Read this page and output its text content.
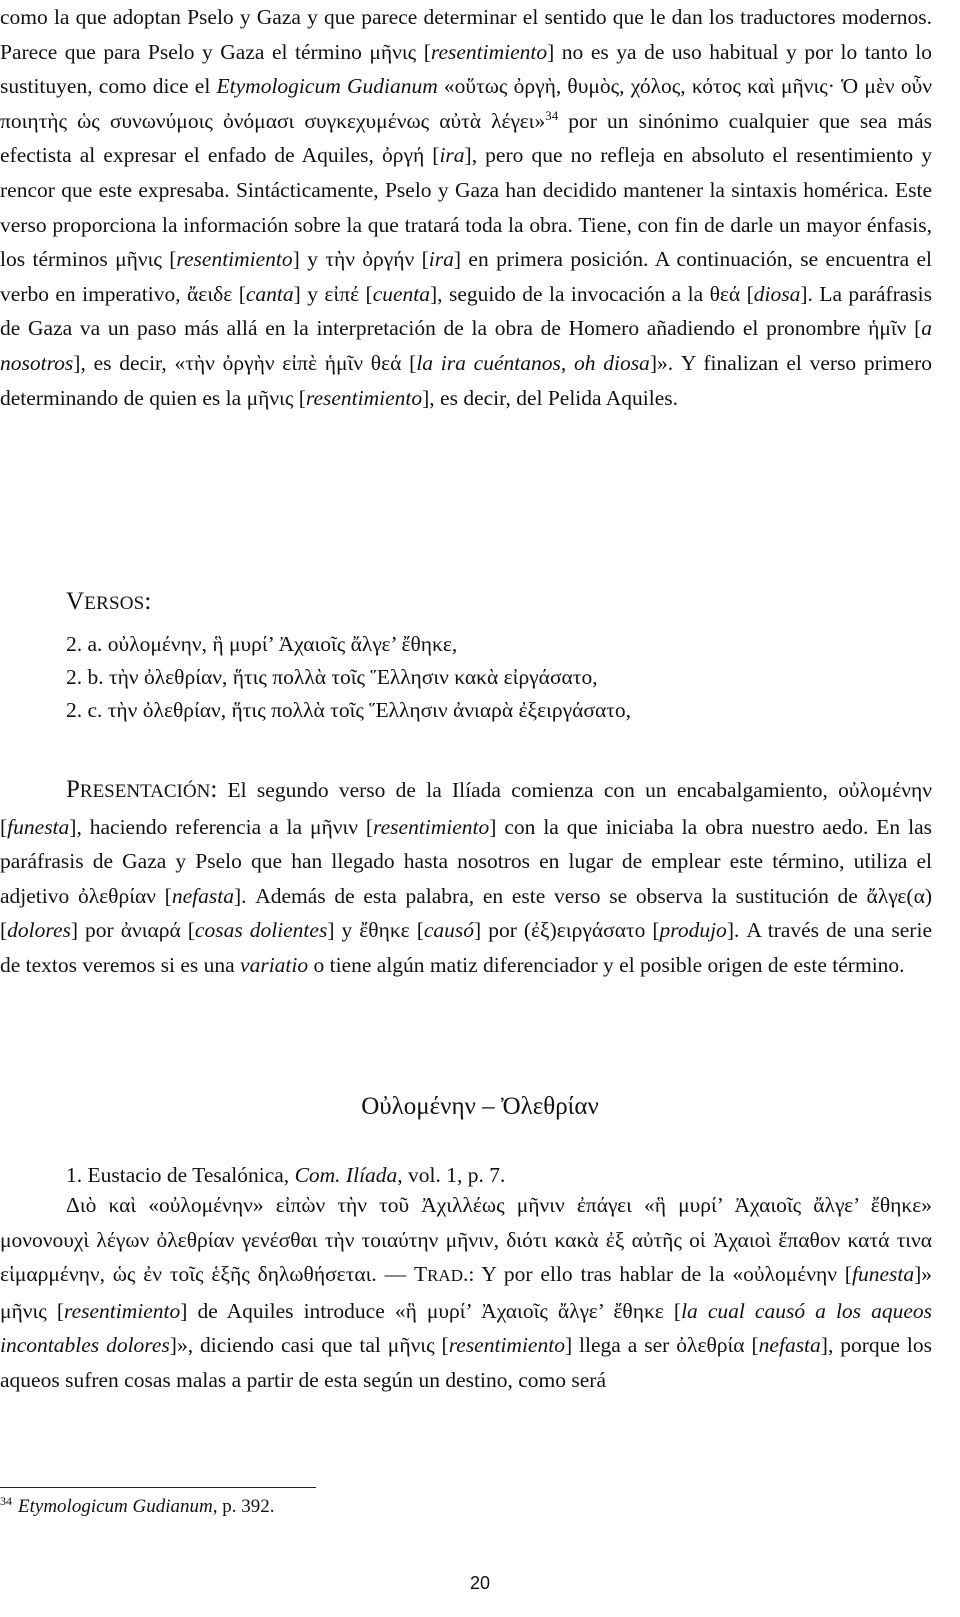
como la que adoptan Pselo y Gaza y que parece determinar el sentido que le dan los traductores modernos. Parece que para Pselo y Gaza el término μῆνις [resentimiento] no es ya de uso habitual y por lo tanto lo sustituyen, como dice el Etymologicum Gudianum «οὕτως ὀργὴ, θυμὸς, χόλος, κότος καὶ μῆνις· Ὁ μὲν οὖν ποιητὴς ὡς συνωνύμοις ὀνόμασι συγκεχυμένως αὐτὰ λέγει»$^{34}$ por un sinónimo cualquier que sea más efectista al expresar el enfado de Aquiles, ὀργή [ira], pero que no refleja en absoluto el resentimiento y rencor que este expresaba. Sintácticamente, Pselo y Gaza han decidido mantener la sintaxis homérica. Este verso proporciona la información sobre la que tratará toda la obra. Tiene, con fin de darle un mayor énfasis, los términos μῆνις [resentimiento] y τὴν ὀργήν [ira] en primera posición. A continuación, se encuentra el verbo en imperativo, ἄειδε [canta] y εἰπέ [cuenta], seguido de la invocación a la θεά [diosa]. La paráfrasis de Gaza va un paso más allá en la interpretación de la obra de Homero añadiendo el pronombre ἡμῖν [a nosotros], es decir, «τὴν ὀργὴν εἰπὲ ἡμῖν θεά [la ira cuéntanos, oh diosa]». Y finalizan el verso primero determinando de quien es la μῆνις [resentimiento], es decir, del Pelida Aquiles.

VERSOS:
2. a. οὐλομένην, ἣ μυρί’ Ἀχαιοῖς ἄλγε’ ἔθηκε,
2. b. τὴν ὀλεθρίαν, ἥτις πολλὰ τοῖς Ἕλλησιν κακὰ εἰργάσατο,
2. c. τὴν ὀλεθρίαν, ἥτις πολλὰ τοῖς Ἕλλησιν ἀνιαρὰ ἐξειργάσατο,

PRESENTACIÓN: El segundo verso de la Ilíada comienza con un encabalgamiento, οὐλομένην [funesta], haciendo referencia a la μῆνιν [resentimiento] con la que iniciaba la obra nuestro aedo. En las paráfrasis de Gaza y Pselo que han llegado hasta nosotros en lugar de emplear este término, utiliza el adjetivo ὀλεθρίαν [nefasta]. Además de esta palabra, en este verso se observa la sustitución de ἄλγε(α) [dolores] por ἀνιαρά [cosas dolientes] y ἔθηκε [causó] por (ἐξ)ειργάσατο [produjo]. A través de una serie de textos veremos si es una variatio o tiene algún matiz diferenciador y el posible origen de este término.

Οὐλομένην – Ὀλεθρίαν
1. Eustacio de Tesalónica, Com. Ilíada, vol. 1, p. 7.

Διὸ καὶ «οὐλομένην» εἰπὼν τὴν τοῦ Ἀχιλλέως μῆνιν ἐπάγει «ἣ μυρί’ Ἀχαιοῖς ἄλγε’ ἔθηκε» μονονουχὶ λέγων ὀλεθρίαν γενέσθαι τὴν τοιαύτην μῆνιν, διότι κακὰ ἐξ αὐτῆς οἱ Ἀχαιοὶ ἔπαθον κατά τινα εἱμαρμένην, ὡς ἐν τοῖς ἑξῆς δηλωθήσεται. — TRAD.: Y por ello tras hablar de la «οὐλομένην [funesta]» μῆνις [resentimiento] de Aquiles introduce «ἣ μυρί’ Ἀχαιοῖς ἄλγε’ ἔθηκε [la cual causó a los aqueos incontables dolores]», diciendo casi que tal μῆνις [resentimiento] llega a ser ὀλεθρία [nefasta], porque los aqueos sufren cosas malas a partir de esta según un destino, como será

$^{34}$ Etymologicum Gudianum, p. 392.
20
